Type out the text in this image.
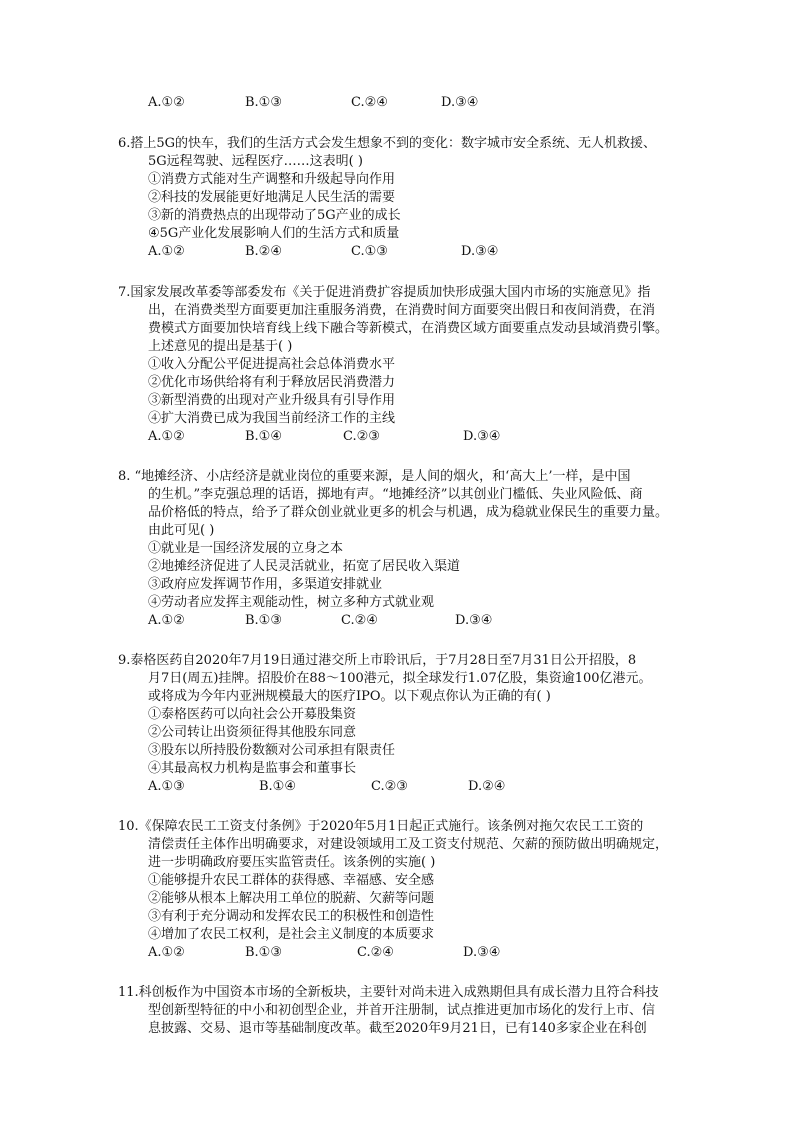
A.①②	B.①③	C.②④	D.③④
6.搭上5G的快车，我们的生活方式会发生想象不到的变化：数字城市安全系统、无人机救援、
5G远程驾驶、远程医疗……这表明( )
①消费方式能对生产调整和升级起导向作用
②科技的发展能更好地满足人民生活的需要
③新的消费热点的出现带动了5G产业的成长
④5G产业化发展影响人们的生活方式和质量
A.①②	B.②④	C.①③	D.③④
7.国家发展改革委等部委发布《关于促进消费扩容提质加快形成强大国内市场的实施意见》指
出，在消费类型方面要更加注重服务消费，在消费时间方面要突出假日和夜间消费，在消
费模式方面要加快培育线上线下融合等新模式，在消费区域方面要重点发动县域消费引擎。
上述意见的提出是基于( )
①收入分配公平促进提高社会总体消费水平
②优化市场供给将有利于释放居民消费潜力
③新型消费的出现对产业升级具有引导作用
④扩大消费已成为我国当前经济工作的主线
A.①②	B.①④	C.②③	D.③④
8. “地摊经济、小店经济是就业岗位的重要来源，是人间的烟火，和‘高大上’一样，是中国
的生机。”李克强总理的话语，掷地有声。“地摊经济”以其创业门槛低、失业风险低、商
品价格低的特点，给予了群众创业就业更多的机会与机遇，成为稳就业保民生的重要力量。
由此可见( )
①就业是一国经济发展的立身之本
②地摊经济促进了人民灵活就业，拓宽了居民收入渠道
③政府应发挥调节作用，多渠道安排就业
④劳动者应发挥主观能动性，树立多种方式就业观
A.①②	B.①③	C.②④	D.③④
9.泰格医药自2020年7月19日通过港交所上市聆讯后，于7月28日至7月31日公开招股，8
月7日(周五)挂牌。招股价在88～100港元，拟全球发行1.07亿股，集资逾100亿港元。
或将成为今年内亚洲规模最大的医疗IPO。以下观点你认为正确的有( )
①泰格医药可以向社会公开募股集资
②公司转让出资须征得其他股东同意
③股东以所持股份数额对公司承担有限责任
④其最高权力机构是监事会和董事长
A.①③	B.①④	C.②③	D.②④
10.《保障农民工工资支付条例》于2020年5月1日起正式施行。该条例对拖欠农民工工资的
清偿责任主体作出明确要求，对建设领域用工及工资支付规范、欠薪的预防做出明确规定，
进一步明确政府要压实监管责任。该条例的实施( )
①能够提升农民工群体的获得感、幸福感、安全感
②能够从根本上解决用工单位的脱薪、欠薪等问题
③有利于充分调动和发挥农民工的积极性和创造性
④增加了农民工权利，是社会主义制度的本质要求
A.①②	B.①③	C.②④	D.③④
11.科创板作为中国资本市场的全新板块，主要针对尚未进入成熟期但具有成长潜力且符合科技
型创新型特征的中小和初创型企业，并首开注册制，试点推进更加市场化的发行上市、信
息披露、交易、退市等基础制度改革。截至2020年9月21日，已有140多家企业在科创
